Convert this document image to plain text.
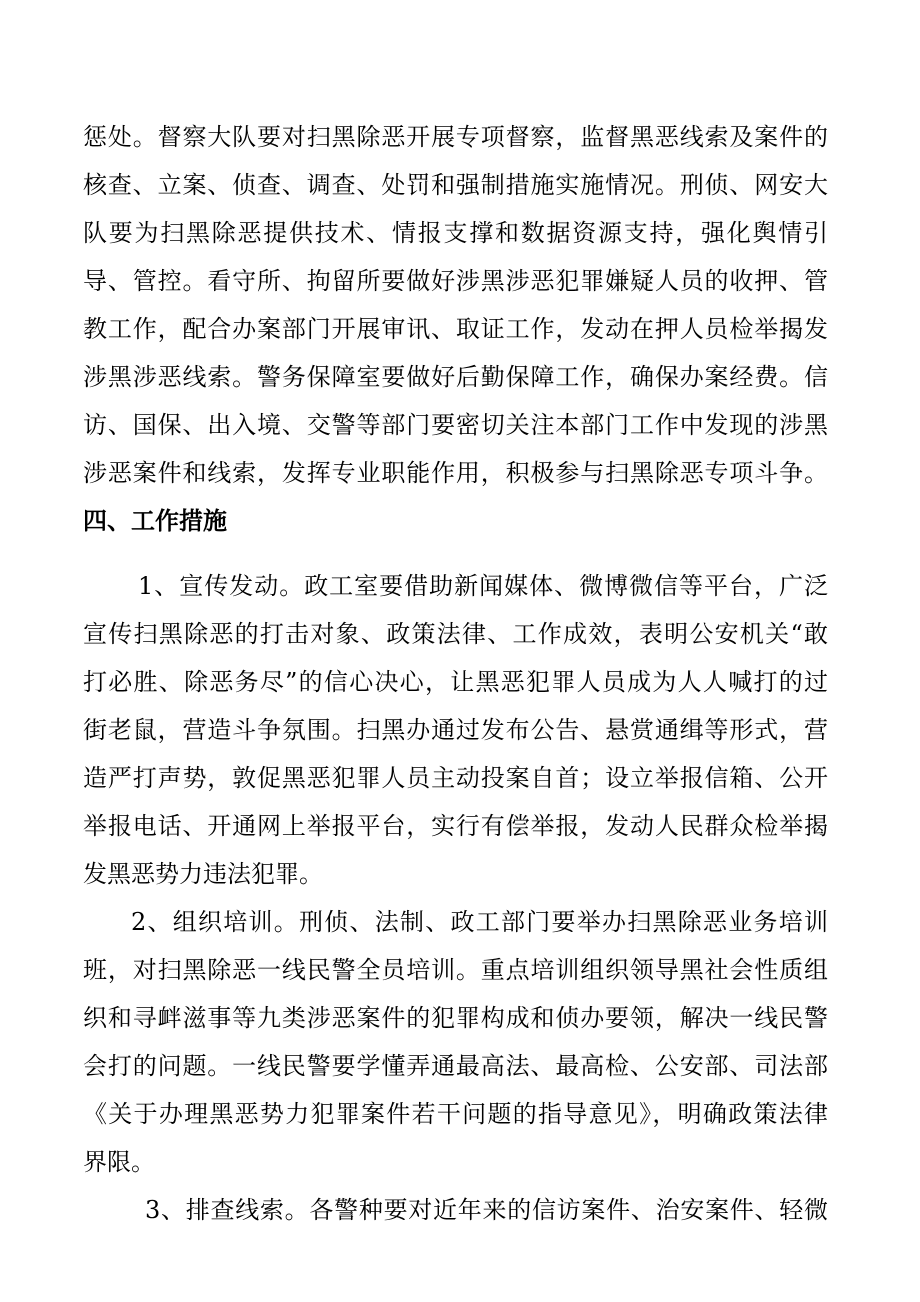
惩处。督察大队要对扫黑除恶开展专项督察，监督黑恶线索及案件的
核查、立案、侦查、调查、处罚和强制措施实施情况。刑侦、网安大
队要为扫黑除恶提供技术、情报支撑和数据资源支持，强化舆情引
导、管控。看守所、拘留所要做好涉黑涉恶犯罪嫌疑人员的收押、管
教工作，配合办案部门开展审讯、取证工作，发动在押人员检举揭发
涉黑涉恶线索。警务保障室要做好后勤保障工作，确保办案经费。信
访、国保、出入境、交警等部门要密切关注本部门工作中发现的涉黑
涉恶案件和线索，发挥专业职能作用，积极参与扫黑除恶专项斗争。
四、工作措施
1、宣传发动。政工室要借助新闻媒体、微博微信等平台，广泛
宣传扫黑除恶的打击对象、政策法律、工作成效，表明公安机关“敢
打必胜、除恶务尽”的信心决心，让黑恶犯罪人员成为人人喊打的过
街老鼠，营造斗争氛围。扫黑办通过发布公告、悬赏通缉等形式，营
造严打声势，敦促黑恶犯罪人员主动投案自首；设立举报信箱、公开
举报电话、开通网上举报平台，实行有偿举报，发动人民群众检举揭
发黑恶势力违法犯罪。
2、组织培训。刑侦、法制、政工部门要举办扫黑除恶业务培训
班，对扫黑除恶一线民警全员培训。重点培训组织领导黑社会性质组
织和寻衅滋事等九类涉恶案件的犯罪构成和侦办要领，解决一线民警
会打的问题。一线民警要学懂弄通最高法、最高检、公安部、司法部
《关于办理黑恶势力犯罪案件若干问题的指导意见》，明确政策法律
界限。
3、排查线索。各警种要对近年来的信访案件、治安案件、轻微
